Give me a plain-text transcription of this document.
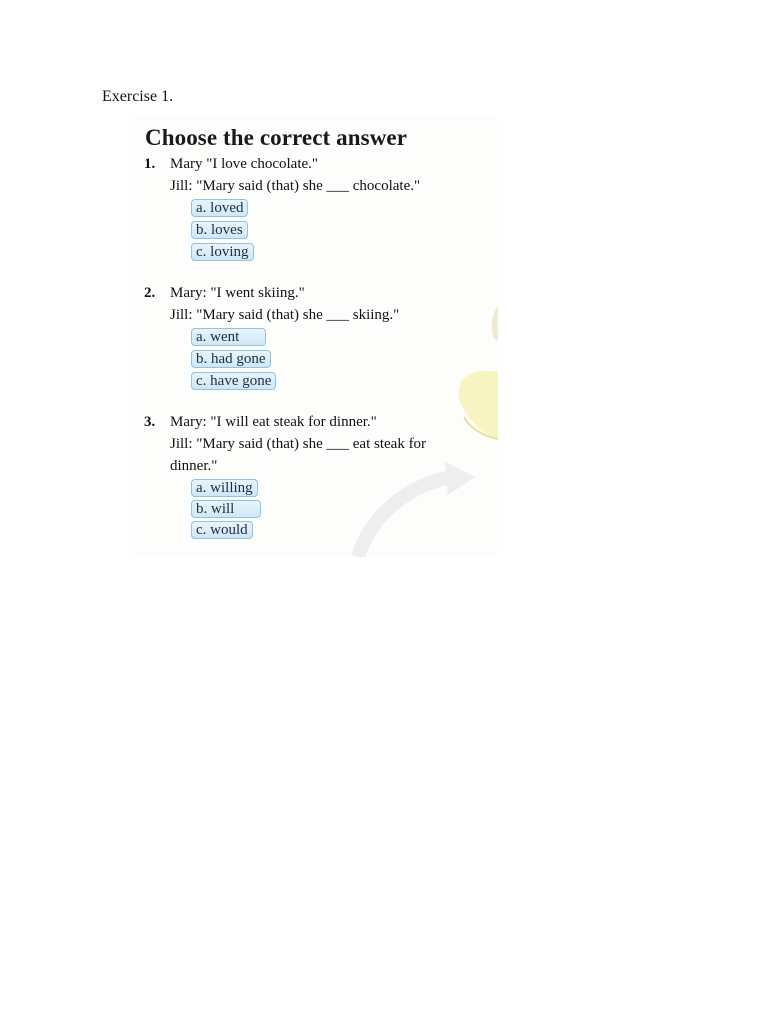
Exercise 1.
Choose the correct answer
1. Mary "I love chocolate."
Jill: "Mary said (that) she ___ chocolate."
a. loved
b. loves
c. loving
2. Mary: "I went skiing."
Jill: "Mary said (that) she ___ skiing."
a. went
b. had gone
c. have gone
3. Mary: "I will eat steak for dinner."
Jill: "Mary said (that) she ___ eat steak for
dinner."
a. willing
b. will
c. would
